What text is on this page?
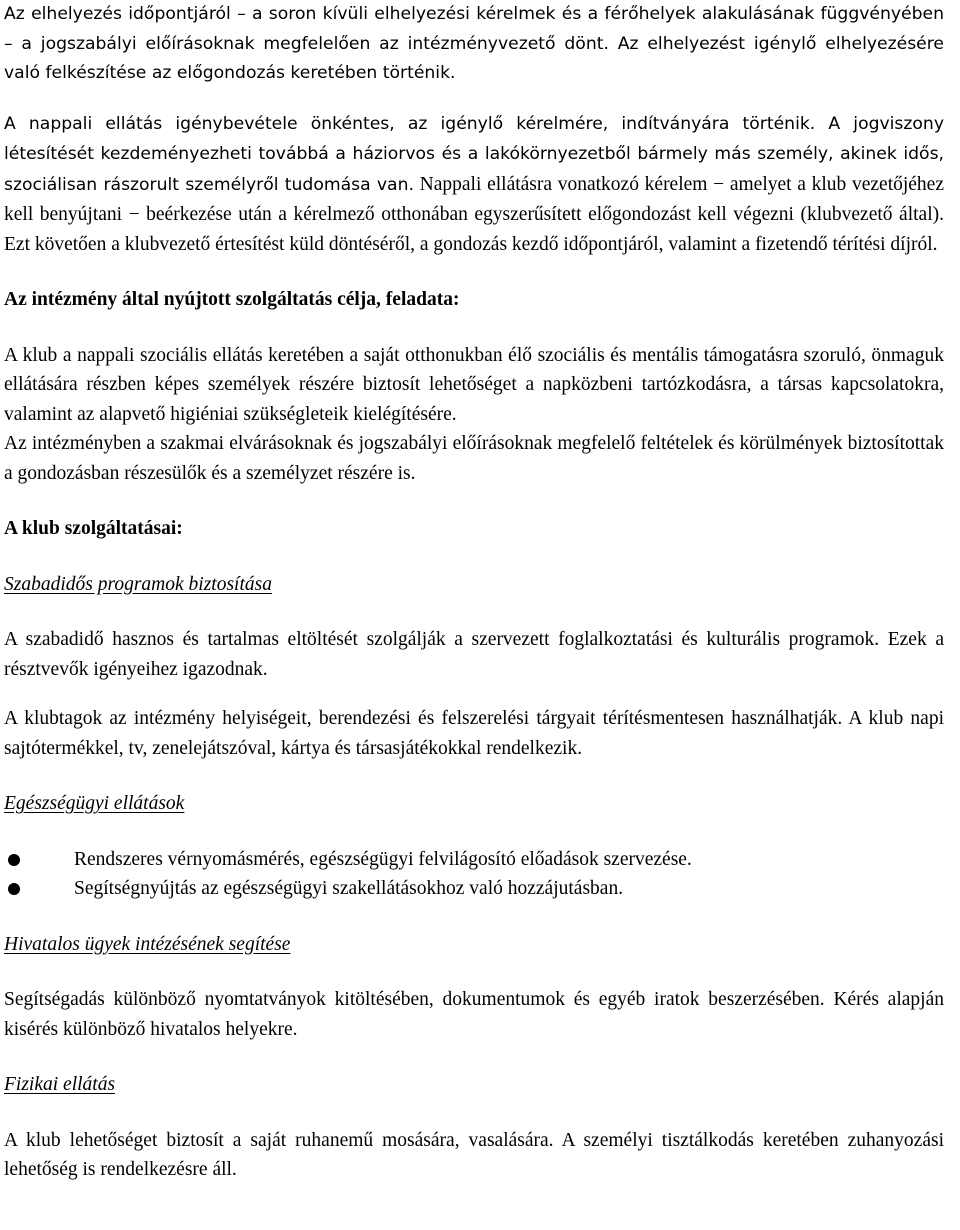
Az elhelyezés időpontjáról – a soron kívüli elhelyezési kérelmek és a férőhelyek alakulásának függvényében – a jogszabályi előírásoknak megfelelően az intézményvezető dönt. Az elhelyezést igénylő elhelyezésére való felkészítése az előgondozás keretében történik.

A nappali ellátás igénybevétele önkéntes, az igénylő kérelmére, indítványára történik. A jogviszony létesítését kezdeményezheti továbbá a háziorvos és a lakókörnyezetből bármely más személy, akinek idős, szociálisan rászorult személyről tudomása van. Nappali ellátásra vonatkozó kérelem − amelyet a klub vezetőjéhez kell benyújtani − beérkezése után a kérelmező otthonában egyszerűsített előgondozást kell végezni (klubvezető által). Ezt követően a klubvezető értesítést küld döntéséről, a gondozás kezdő időpontjáról, valamint a fizetendő térítési díjról.

Az intézmény által nyújtott szolgáltatás célja, feladata:

A klub a nappali szociális ellátás keretében a saját otthonukban élő szociális és mentális támogatásra szoruló, önmaguk ellátására részben képes személyek részére biztosít lehetőséget a napközbeni tartózkodásra, a társas kapcsolatokra, valamint az alapvető higiéniai szükségleteik kielégítésére.

Az intézményben a szakmai elvárásoknak és jogszabályi előírásoknak megfelelő feltételek és körülmények biztosítottak a gondozásban részesülők és a személyzet részére is.

A klub szolgáltatásai:
Szabadidős programok biztosítása

A szabadidő hasznos és tartalmas eltöltését szolgálják a szervezett foglalkoztatási és kulturális programok. Ezek a résztvevők igényeihez igazodnak.

A klubtagok az intézmény helyiségeit, berendezési és felszerelési tárgyait térítésmentesen használhatják. A klub napi sajtótermékkel, tv, zenelejátszóval, kártya és társasjátékokkal rendelkezik.

Egészségügyi ellátások
Rendszeres vérnyomásmérés, egészségügyi felvilágosító előadások szervezése.
Segítségnyújtás az egészségügyi szakellátásokhoz való hozzájutásban.
Hivatalos ügyek intézésének segítése

Segítségadás különböző nyomtatványok kitöltésében, dokumentumok és egyéb iratok beszerzésében. Kérés alapján kisérés különböző hivatalos helyekre.

Fizikai ellátás

A klub lehetőséget biztosít a saját ruhanemű mosására, vasalására. A személyi tisztálkodás keretében zuhanyozási lehetőség is rendelkezésre áll.
